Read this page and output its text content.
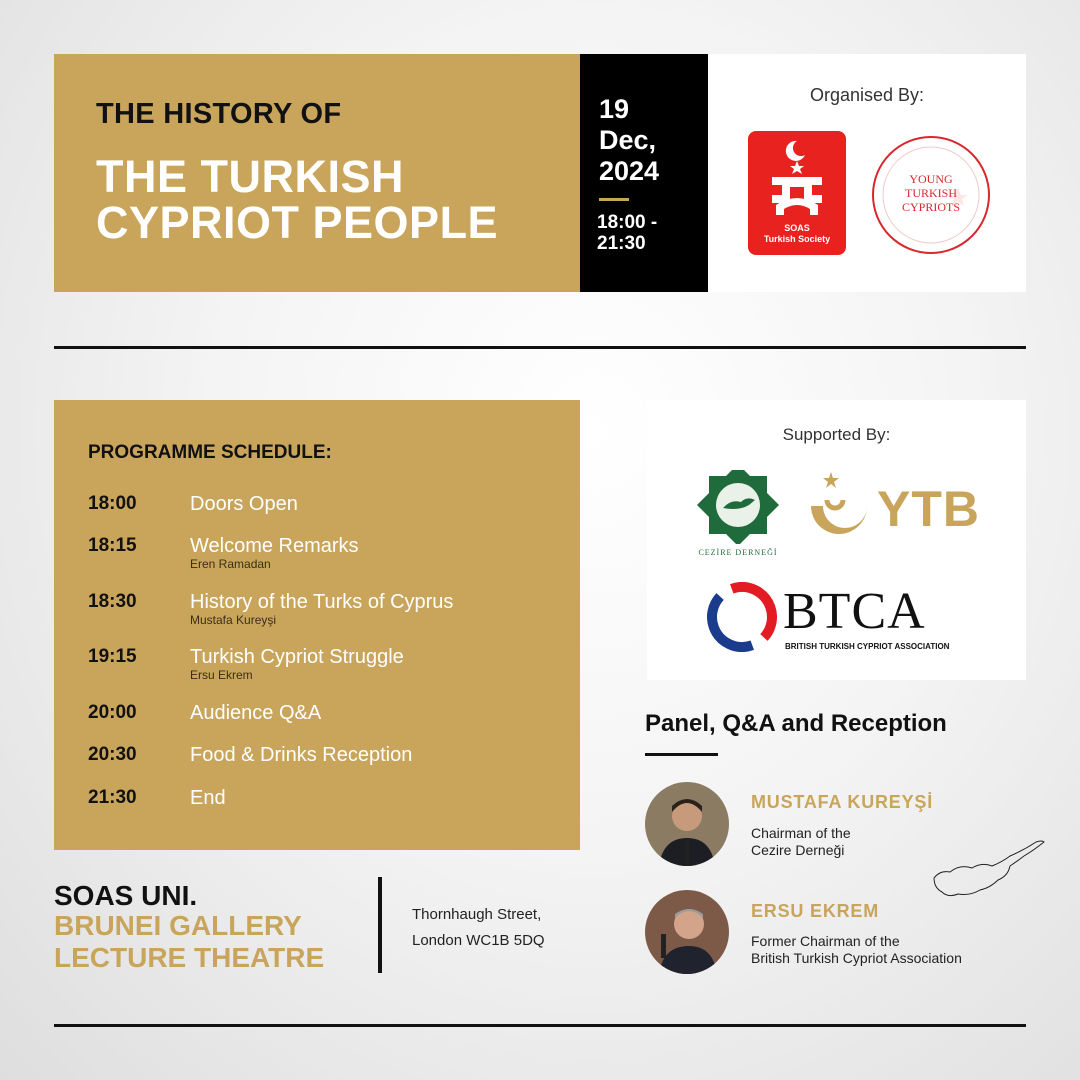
THE HISTORY OF
THE TURKISH
CYPRIOT PEOPLE
19
Dec,
2024
18:00 -
21:30
Organised By:
SOAS
Turkish Society
YOUNG
TURKISH
CYPRIOTS
PROGRAMME SCHEDULE:
18:00	Doors Open
18:15	Welcome Remarks
Eren Ramadan
18:30	History of the Turks of Cyprus
Mustafa Kureyşi
19:15	Turkish Cypriot Struggle
Ersu Ekrem
20:00	Audience Q&A
20:30	Food & Drinks Reception
21:30	End
Supported By:
CEZİRE DERNEĞİ
YTB
BTCA
BRITISH TURKISH CYPRIOT ASSOCIATION
Panel, Q&A and Reception
MUSTAFA KUREYŞİ
Chairman of the
Cezire Derneği
ERSU EKREM
Former Chairman of the
British Turkish Cypriot Association
SOAS UNI.
BRUNEI GALLERY
LECTURE THEATRE
Thornhaugh Street,
London WC1B 5DQ
